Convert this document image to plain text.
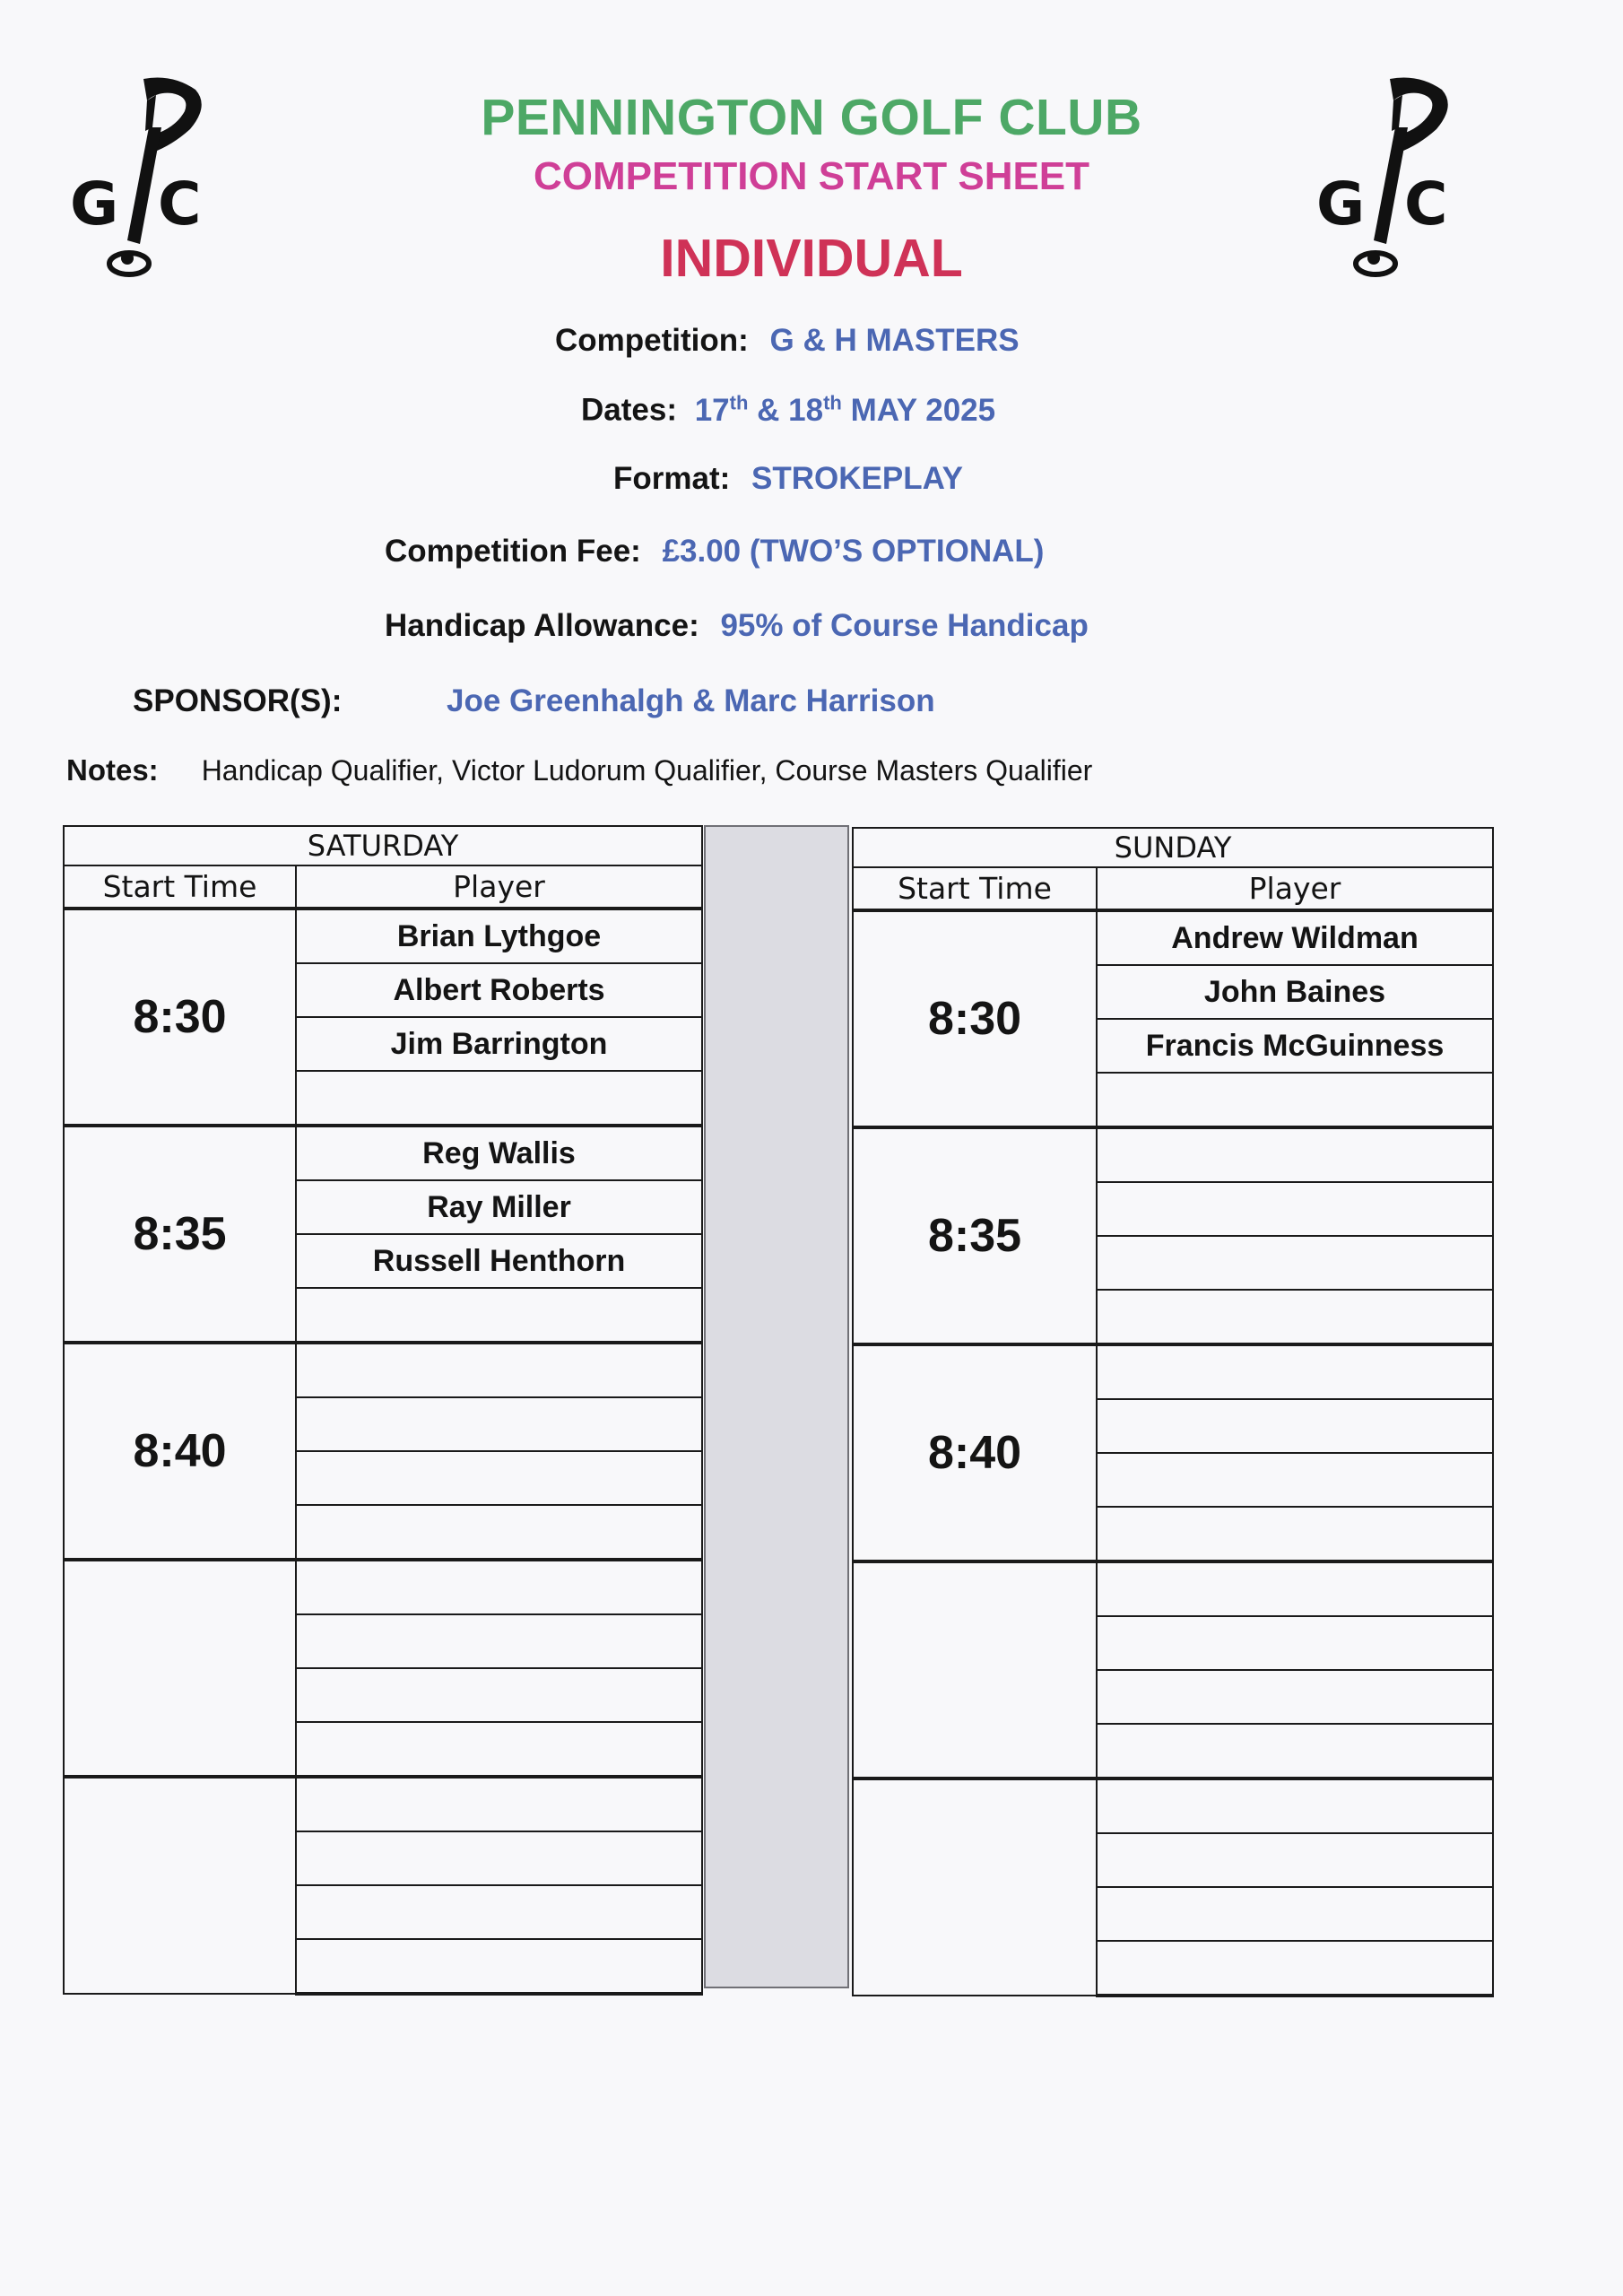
G C	G C
PENNINGTON GOLF CLUB
COMPETITION START SHEET
INDIVIDUAL
Competition: G & H MASTERS
Dates: 17th & 18th MAY 2025
Format: STROKEPLAY
Competition Fee: £3.00 (TWO’S OPTIONAL)
Handicap Allowance: 95% of Course Handicap
SPONSOR(S):	Joe Greenhalgh & Marc Harrison
Notes: Handicap Qualifier, Victor Ludorum Qualifier, Course Masters Qualifier
SATURDAY	
Start Time	Player
8:30	Brian Lythgoe
	Albert Roberts
	Jim Barrington

8:35	Reg Wallis
	Ray Miller
	Russell Henthorn

8:40	

SUNDAY	
Start Time	Player
8:30	Andrew Wildman
	John Baines
	Francis McGuinness

8:35	

8:40	
